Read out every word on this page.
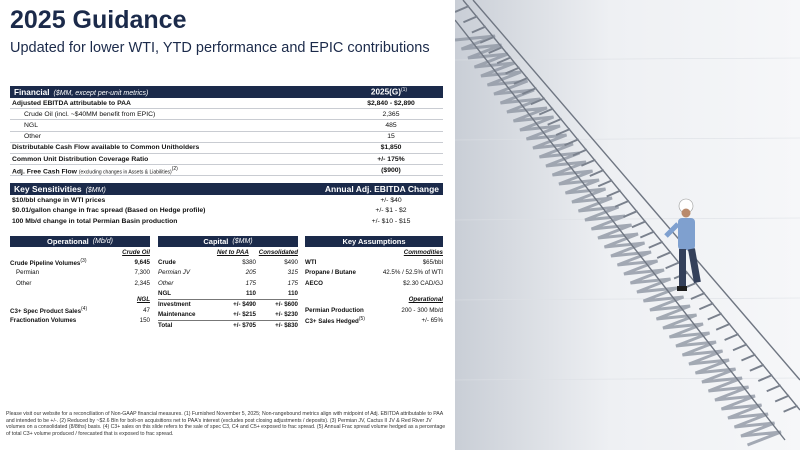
2025 Guidance
Updated for lower WTI, YTD performance and EPIC contributions
Financial ($MM, except per-unit metrics)	$2025(G)^{(1)}$
Adjusted EBITDA attributable to PAA	$2,840 - $2,890
Crude Oil (incl. ~$40MM benefit from EPIC)	2,365
NGL	485
Other	15
Distributable Cash Flow available to Common Unitholders	$1,850
Common Unit Distribution Coverage Ratio	+/- 175%
Adj. Free Cash Flow (excluding changes in Assets & Liabilities)$^{(2)}$	($900)
Key Sensitivities ($MM)	Annual Adj. EBITDA Change
$10/bbl change in WTI prices	+/- $40
$0.01/gallon change in frac spread (Based on Hedge profile)	+/- $1 - $2
100 Mb/d change in total Permian Basin production	+/- $10 - $15
Operational (Mb/d)
Crude Oil
Crude Pipeline Volumes$^{(3)}$	9,645
Permian	7,300
Other	2,345
NGL
C3+ Spec Product Sales$^{(4)}$	47
Fractionation Volumes	150
Capital ($MM)
Net to PAA Consolidated
Crude	$380	$490
Permian JV	205	315
Other	175	175
NGL	110	110
Investment	+/- $490	+/- $600
Maintenance	+/- $215	+/- $230
Total	+/- $705	+/- $830
Key Assumptions
Commodities
WTI	$65/bbl
Propane / Butane	42.5% / 52.5% of WTI
AECO	$2.30 CAD/GJ
Operational
Permian Production	200 - 300 Mb/d
C3+ Sales Hedged$^{(5)}$	+/- 65%
Please visit our website for a reconciliation of Non-GAAP financial measures. (1) Furnished November 5, 2025; Non-rangebound metrics align with midpoint of Adj. EBITDA attributable to PAA and intended to be +/-. (2) Reduced by ~$2.6 Bln for bolt-on acquisitions net to PAA's interest (excludes post closing adjustments / deposits). (3) Permian JV, Cactus II JV & Red River JV volumes on a consolidated (8/8ths) basis. (4) C3+ sales on this slide refers to the sale of spec C3, C4 and C5+ exposed to frac spread. (5) Annual Frac spread volume hedged as a percentage of total C3+ volume produced / forecasted that is exposed to frac spread.
